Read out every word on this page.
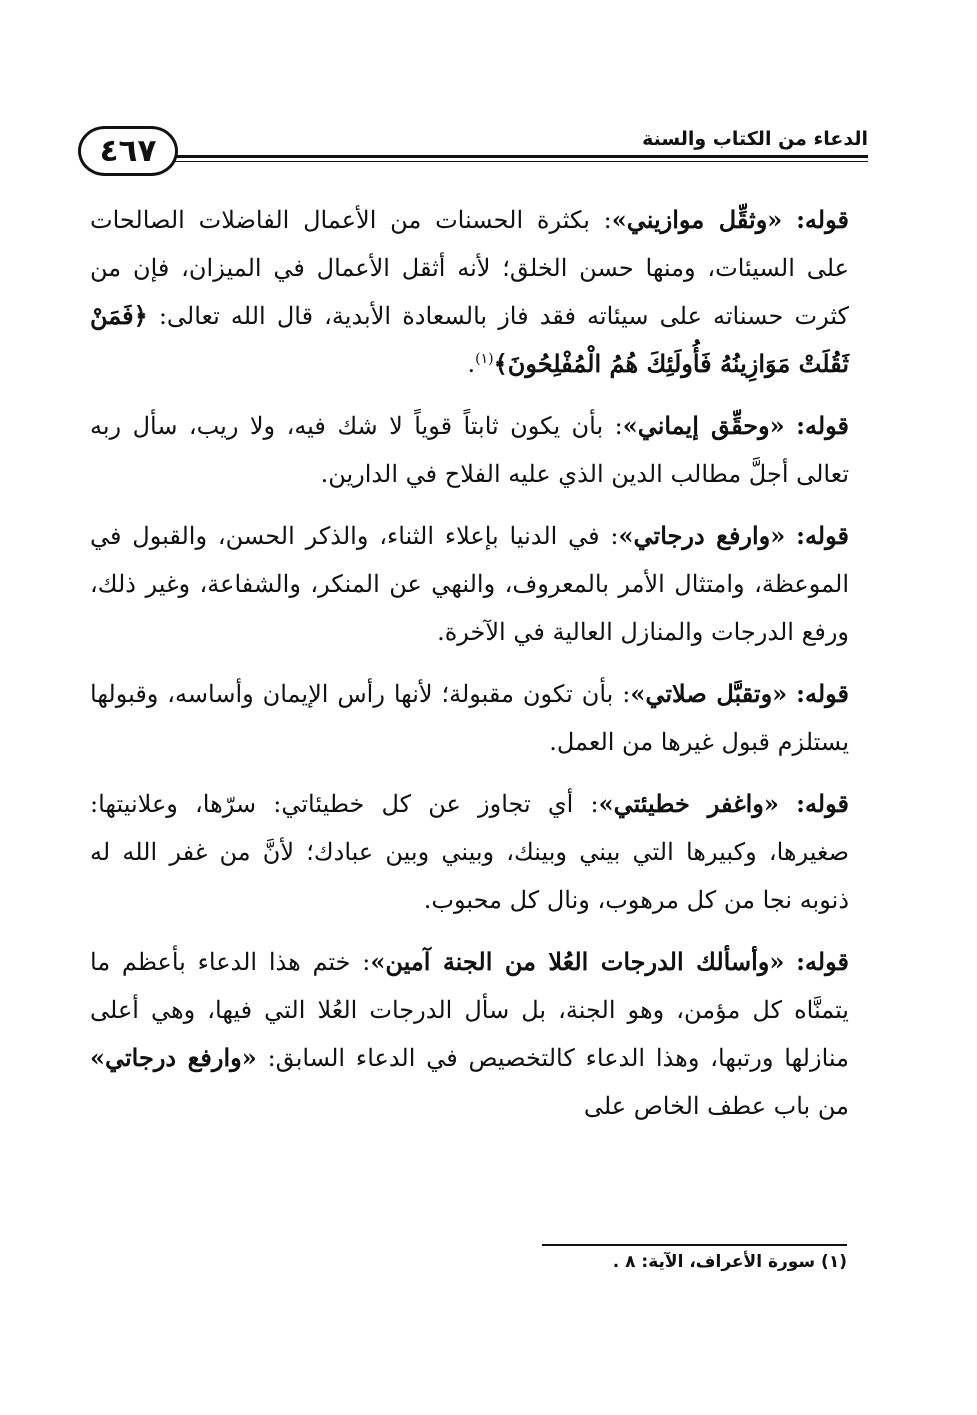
الدعاء من الكتاب والسنة
٤٦٧

قوله: «وثقِّل موازيني»: بكثرة الحسنات من الأعمال الفاضلات الصالحات على السيئات، ومنها حسن الخلق؛ لأنه أثقل الأعمال في الميزان، فإن من كثرت حسناته على سيئاته فقد فاز بالسعادة الأبدية، قال الله تعالى: ﴿فَمَنْ ثَقُلَتْ مَوَازِينُهُ فَأُولَئِكَ هُمُ الْمُفْلِحُونَ﴾$^{(١)}$.

قوله: «وحقِّق إيماني»: بأن يكون ثابتاً قوياً لا شك فيه، ولا ريب، سأل ربه تعالى أجلَّ مطالب الدين الذي عليه الفلاح في الدارين.

قوله: «وارفع درجاتي»: في الدنيا بإعلاء الثناء، والذكر الحسن، والقبول في الموعظة، وامتثال الأمر بالمعروف، والنهي عن المنكر، والشفاعة، وغير ذلك، ورفع الدرجات والمنازل العالية في الآخرة.

قوله: «وتقبَّل صلاتي»: بأن تكون مقبولة؛ لأنها رأس الإيمان وأساسه، وقبولها يستلزم قبول غيرها من العمل.

قوله: «واغفر خطيئتي»: أي تجاوز عن كل خطيئاتي: سرّها، وعلانيتها: صغيرها، وكبيرها التي بيني وبينك، وبيني وبين عبادك؛ لأنَّ من غفر الله له ذنوبه نجا من كل مرهوب، ونال كل محبوب.

قوله: «وأسألك الدرجات العُلا من الجنة آمين»: ختم هذا الدعاء بأعظم ما يتمنَّاه كل مؤمن، وهو الجنة، بل سأل الدرجات العُلا التي فيها، وهي أعلى منازلها ورتبها، وهذا الدعاء كالتخصيص في الدعاء السابق: «وارفع درجاتي» من باب عطف الخاص على

(١) سورة الأعراف، الآية: ٨ .
